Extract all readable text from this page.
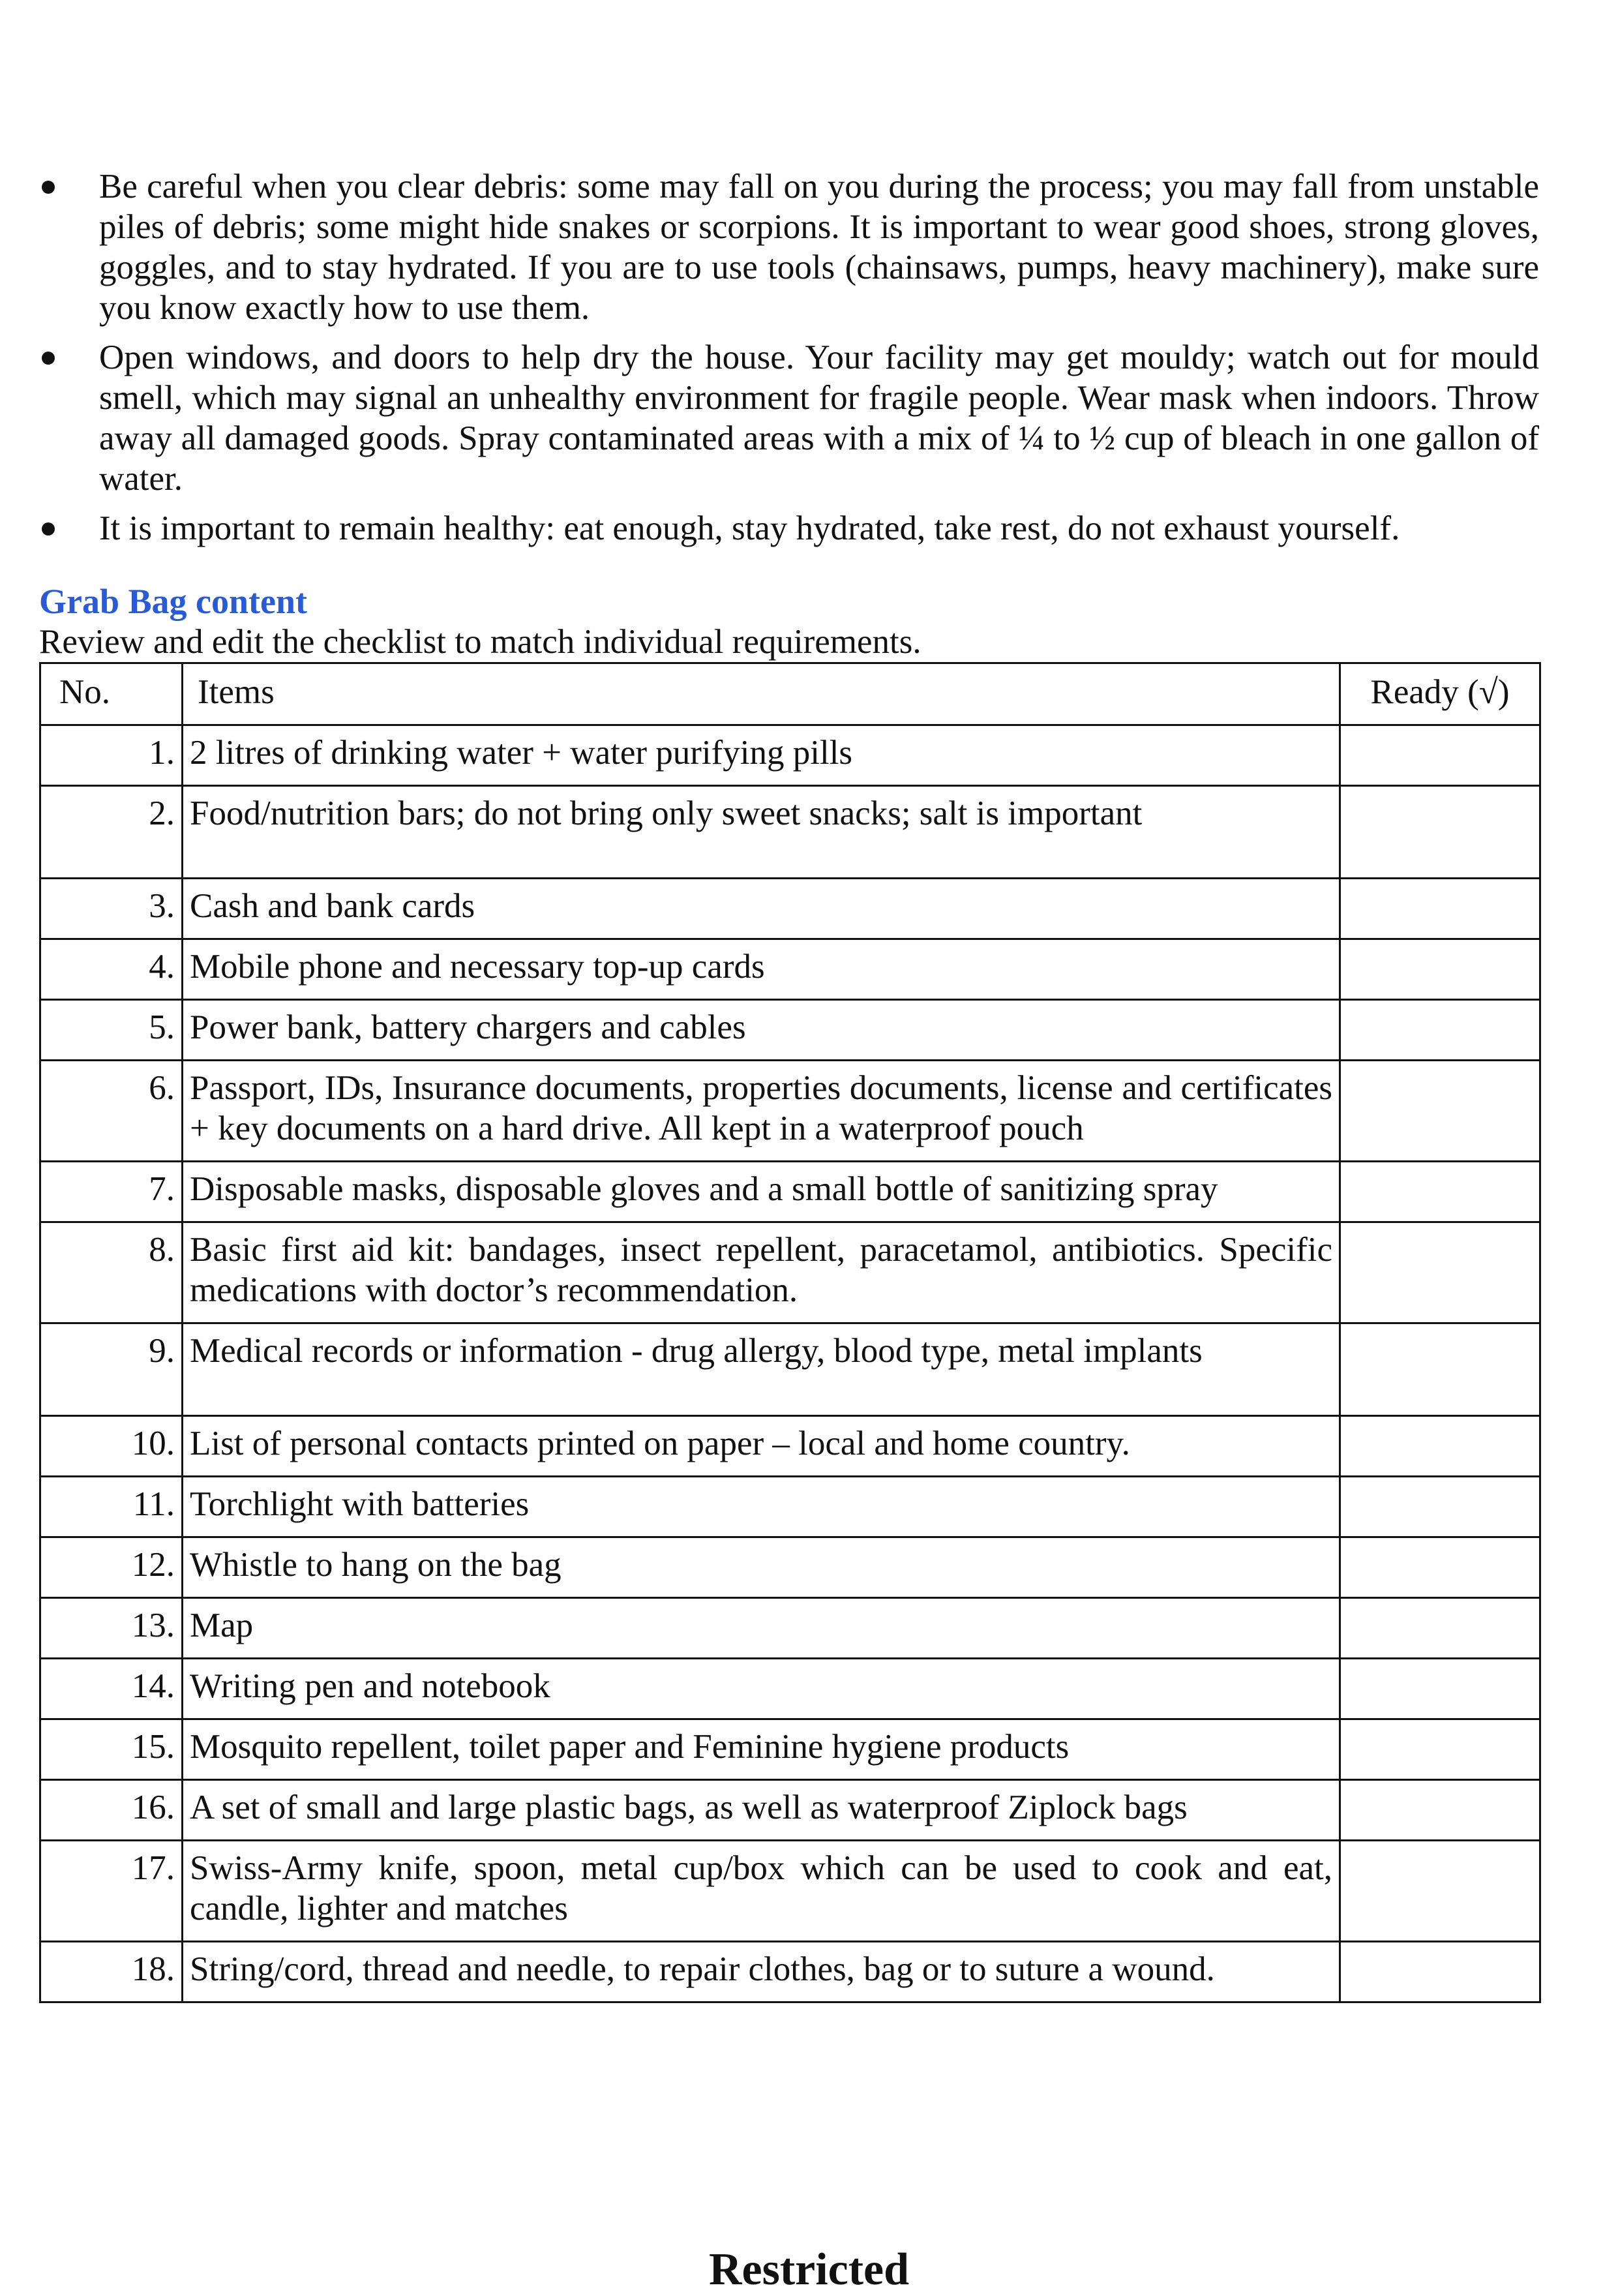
Be careful when you clear debris: some may fall on you during the process; you may fall from unstable piles of debris; some might hide snakes or scorpions. It is important to wear good shoes, strong gloves, goggles, and to stay hydrated. If you are to use tools (chainsaws, pumps, heavy machinery), make sure you know exactly how to use them.
Open windows, and doors to help dry the house. Your facility may get mouldy; watch out for mould smell, which may signal an unhealthy environment for fragile people. Wear mask when indoors. Throw away all damaged goods. Spray contaminated areas with a mix of ¼ to ½ cup of bleach in one gallon of water.
It is important to remain healthy: eat enough, stay hydrated, take rest, do not exhaust yourself.
Grab Bag content
Review and edit the checklist to match individual requirements.
No.	Items	Ready (√)
1.	2 litres of drinking water + water purifying pills	
2.	Food/nutrition bars; do not bring only sweet snacks; salt is important	
3.	Cash and bank cards	
4.	Mobile phone and necessary top-up cards	
5.	Power bank, battery chargers and cables	
6.	Passport, IDs, Insurance documents, properties documents, license and certificates + key documents on a hard drive. All kept in a waterproof pouch	
7.	Disposable masks, disposable gloves and a small bottle of sanitizing spray	
8.	Basic first aid kit: bandages, insect repellent, paracetamol, antibiotics. Specific medications with doctor’s recommendation.	
9.	Medical records or information - drug allergy, blood type, metal implants	
10.	List of personal contacts printed on paper – local and home country.	
11.	Torchlight with batteries	
12.	Whistle to hang on the bag	
13.	Map	
14.	Writing pen and notebook	
15.	Mosquito repellent, toilet paper and Feminine hygiene products	
16.	A set of small and large plastic bags, as well as waterproof Ziplock bags	
17.	Swiss-Army knife, spoon, metal cup/box which can be used to cook and eat, candle, lighter and matches	
18.	String/cord, thread and needle, to repair clothes, bag or to suture a wound.	
Restricted
